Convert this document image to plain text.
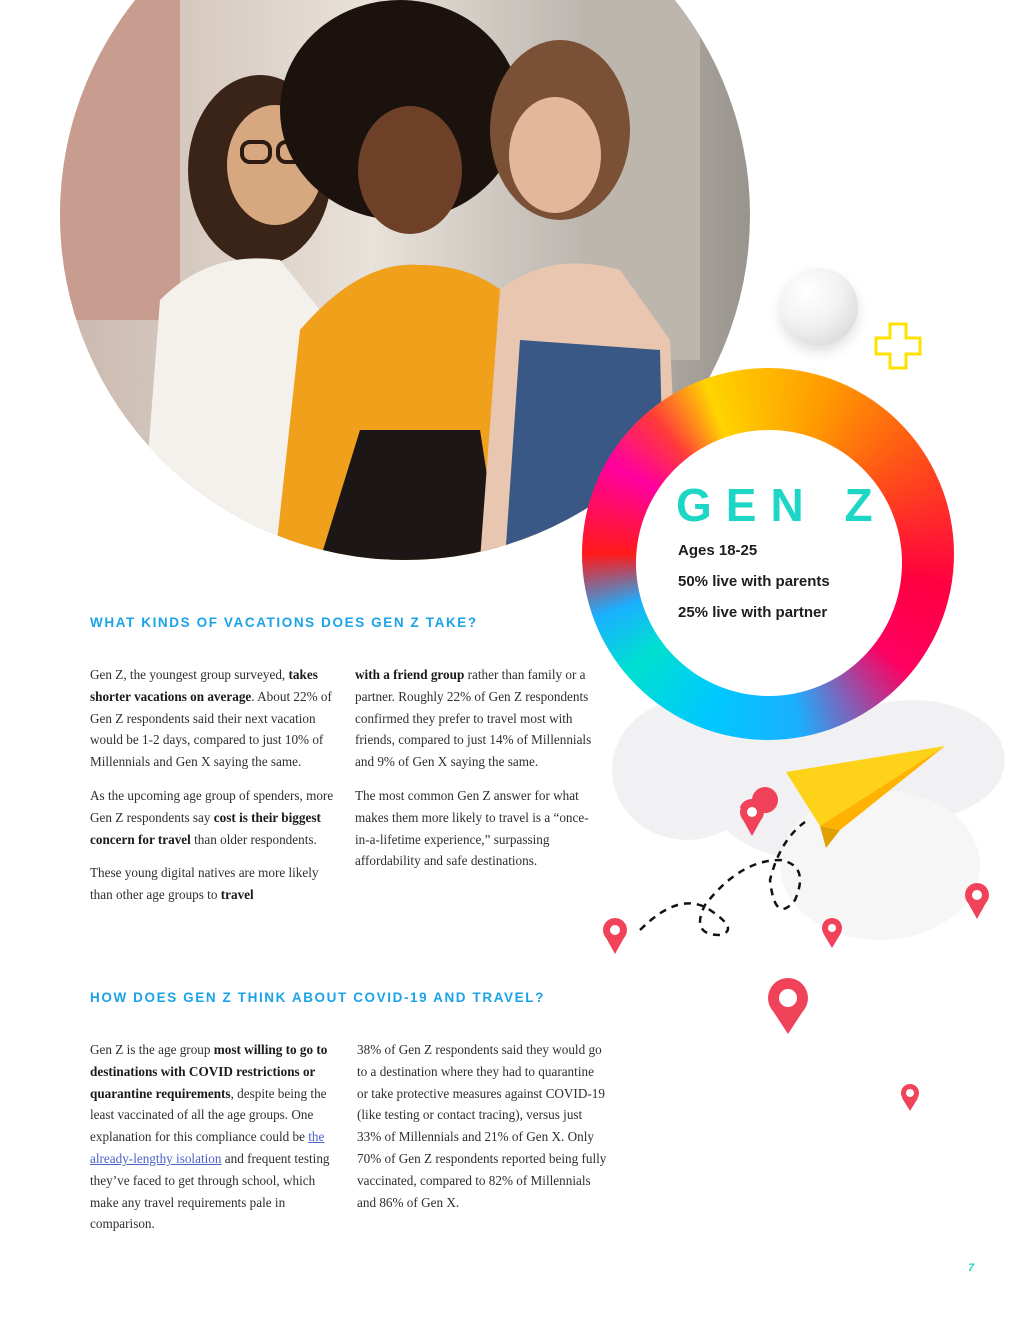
GEN Z
Ages 18-25
50% live with parents
25% live with partner
WHAT KINDS OF VACATIONS DOES GEN Z TAKE?

Gen Z, the youngest group surveyed, takes shorter vacations on average. About 22% of Gen Z respondents said their next vacation would be 1-2 days, compared to just 10% of Millennials and Gen X saying the same.

As the upcoming age group of spenders, more Gen Z respondents say cost is their biggest concern for travel than older respondents.

These young digital natives are more likely than other age groups to travel

with a friend group rather than family or a partner. Roughly 22% of Gen Z respondents confirmed they prefer to travel most with friends, compared to just 14% of Millennials and 9% of Gen X saying the same.

The most common Gen Z answer for what makes them more likely to travel is a “once-in-a-lifetime experience,” surpassing affordability and safe destinations.

HOW DOES GEN Z THINK ABOUT COVID-19 AND TRAVEL?

Gen Z is the age group most willing to go to destinations with COVID restrictions or quarantine requirements, despite being the least vaccinated of all the age groups. One explanation for this compliance could be the already-lengthy isolation and frequent testing they’ve faced to get through school, which make any travel requirements pale in comparison.

38% of Gen Z respondents said they would go to a destination where they had to quarantine or take protective measures against COVID-19 (like testing or contact tracing), versus just 33% of Millennials and 21% of Gen X. Only 70% of Gen Z respondents reported being fully vaccinated, compared to 82% of Millennials and 86% of Gen X.

7
